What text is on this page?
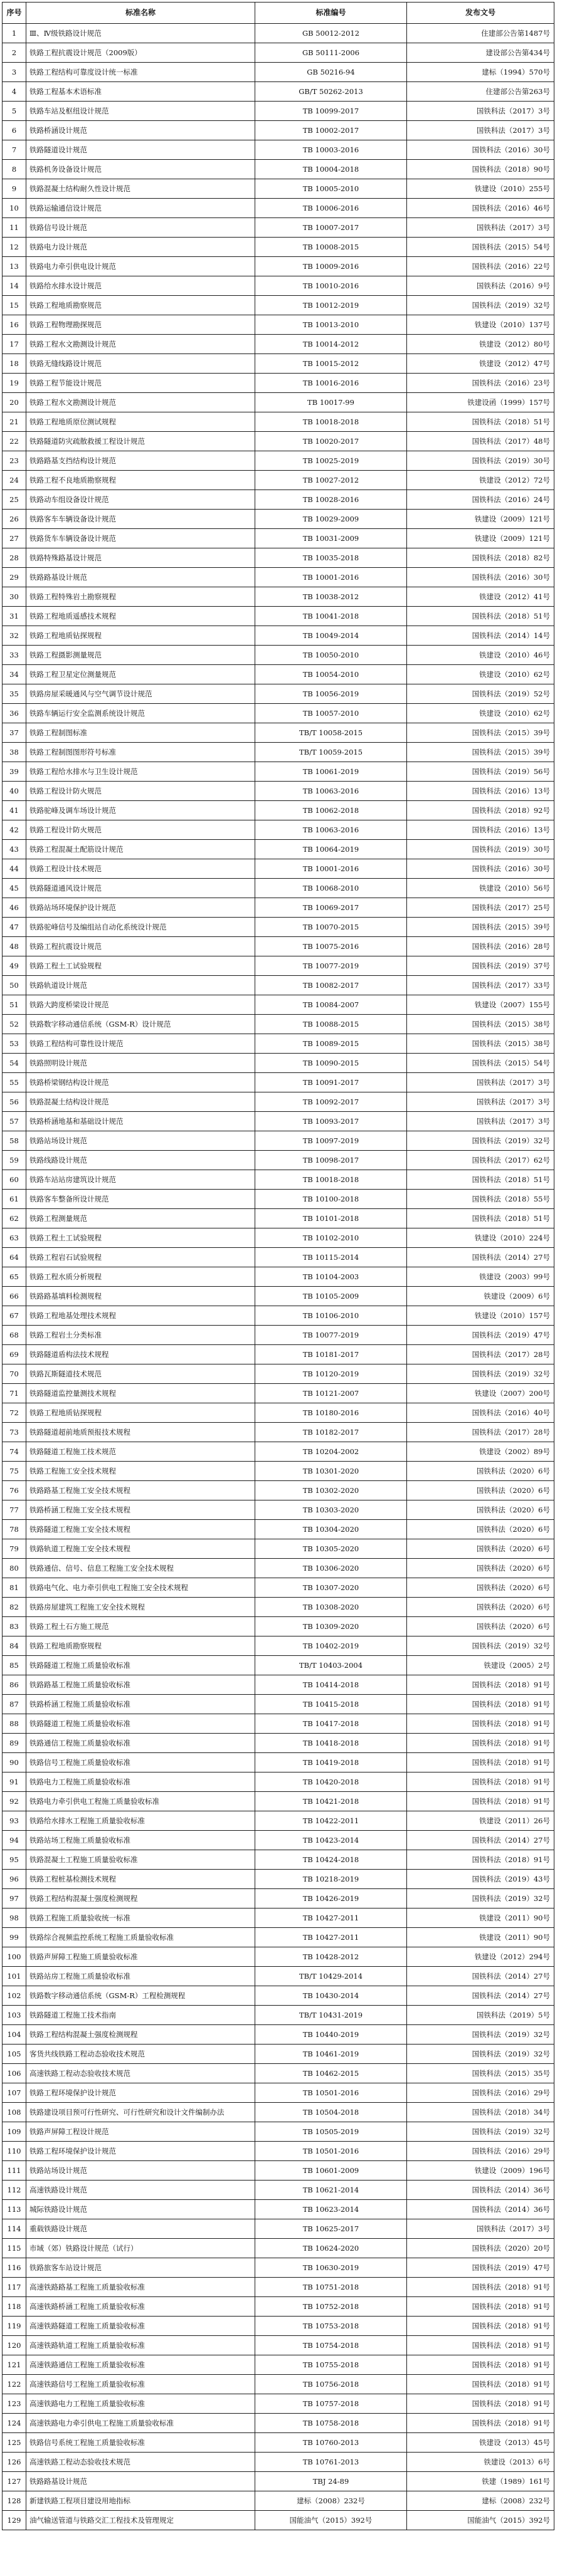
序号	标准名称	标准编号	发布文号
1	Ⅲ、Ⅳ级铁路设计规范	GB 50012-2012	住建部公告第1487号
2	铁路工程抗震设计规范（2009版）	GB 50111-2006	建设部公告第434号
3	铁路工程结构可靠度设计统一标准	GB 50216-94	建标（1994）570号
4	铁路工程基本术语标准	GB/T 50262-2013	住建部公告第263号
5	铁路车站及枢纽设计规范	TB 10099-2017	国铁科法（2017）3号
6	铁路桥涵设计规范	TB 10002-2017	国铁科法（2017）3号
7	铁路隧道设计规范	TB 10003-2016	国铁科法（2016）30号
8	铁路机务设备设计规范	TB 10004-2018	国铁科法（2018）90号
9	铁路混凝土结构耐久性设计规范	TB 10005-2010	铁建设（2010）255号
10	铁路运输通信设计规范	TB 10006-2016	国铁科法（2016）46号
11	铁路信号设计规范	TB 10007-2017	国铁科法（2017）3号
12	铁路电力设计规范	TB 10008-2015	国铁科法（2015）54号
13	铁路电力牵引供电设计规范	TB 10009-2016	国铁科法（2016）22号
14	铁路给水排水设计规范	TB 10010-2016	国铁科法（2016）9号
15	铁路工程地质勘察规范	TB 10012-2019	国铁科法（2019）32号
16	铁路工程物理勘探规范	TB 10013-2010	铁建设（2010）137号
17	铁路工程水文勘测设计规范	TB 10014-2012	铁建设（2012）80号
18	铁路无缝线路设计规范	TB 10015-2012	铁建设（2012）47号
19	铁路工程节能设计规范	TB 10016-2016	国铁科法（2016）23号
20	铁路工程水文勘测设计规范	TB 10017-99	铁建设函（1999）157号
21	铁路工程地质原位测试规程	TB 10018-2018	国铁科法（2018）51号
22	铁路隧道防灾疏散救援工程设计规范	TB 10020-2017	国铁科法（2017）48号
23	铁路路基支挡结构设计规范	TB 10025-2019	国铁科法（2019）30号
24	铁路工程不良地质勘察规程	TB 10027-2012	铁建设（2012）72号
25	铁路动车组设备设计规范	TB 10028-2016	国铁科法（2016）24号
26	铁路客车车辆设备设计规范	TB 10029-2009	铁建设（2009）121号
27	铁路货车车辆设备设计规范	TB 10031-2009	铁建设（2009）121号
28	铁路特殊路基设计规范	TB 10035-2018	国铁科法（2018）82号
29	铁路路基设计规范	TB 10001-2016	国铁科法（2016）30号
30	铁路工程特殊岩土勘察规程	TB 10038-2012	铁建设（2012）41号
31	铁路工程地质遥感技术规程	TB 10041-2018	国铁科法（2018）51号
32	铁路工程地质钻探规程	TB 10049-2014	国铁科法（2014）14号
33	铁路工程摄影测量规范	TB 10050-2010	铁建设（2010）46号
34	铁路工程卫星定位测量规范	TB 10054-2010	铁建设（2010）62号
35	铁路房屋采暖通风与空气调节设计规范	TB 10056-2019	国铁科法（2019）52号
36	铁路车辆运行安全监测系统设计规范	TB 10057-2010	铁建设（2010）62号
37	铁路工程制图标准	TB/T 10058-2015	国铁科法（2015）39号
38	铁路工程制图图形符号标准	TB/T 10059-2015	国铁科法（2015）39号
39	铁路工程给水排水与卫生设计规范	TB 10061-2019	国铁科法（2019）56号
40	铁路工程设计防火规范	TB 10063-2016	国铁科法（2016）13号
41	铁路驼峰及调车场设计规范	TB 10062-2018	国铁科法（2018）92号
42	铁路工程设计防火规范	TB 10063-2016	国铁科法（2016）13号
43	铁路工程混凝土配筋设计规范	TB 10064-2019	国铁科法（2019）30号
44	铁路工程设计技术规范	TB 10001-2016	国铁科法（2016）30号
45	铁路隧道通风设计规范	TB 10068-2010	铁建设（2010）56号
46	铁路站场环境保护设计规范	TB 10069-2017	国铁科法（2017）25号
47	铁路驼峰信号及编组站自动化系统设计规范	TB 10070-2015	国铁科法（2015）39号
48	铁路工程抗震设计规范	TB 10075-2016	国铁科法（2016）28号
49	铁路工程土工试验规程	TB 10077-2019	国铁科法（2019）37号
50	铁路轨道设计规范	TB 10082-2017	国铁科法（2017）33号
51	铁路大跨度桥梁设计规范	TB 10084-2007	铁建设（2007）155号
52	铁路数字移动通信系统（GSM-R）设计规范	TB 10088-2015	国铁科法（2015）38号
53	铁路工程结构可靠性设计规范	TB 10089-2015	国铁科法（2015）38号
54	铁路照明设计规范	TB 10090-2015	国铁科法（2015）54号
55	铁路桥梁钢结构设计规范	TB 10091-2017	国铁科法（2017）3号
56	铁路混凝土结构设计规范	TB 10092-2017	国铁科法（2017）3号
57	铁路桥涵地基和基础设计规范	TB 10093-2017	国铁科法（2017）3号
58	铁路站场设计规范	TB 10097-2019	国铁科法（2019）32号
59	铁路线路设计规范	TB 10098-2017	国铁科法（2017）62号
60	铁路车站站房建筑设计规范	TB 10018-2018	国铁科法（2018）51号
61	铁路客车整备所设计规范	TB 10100-2018	国铁科法（2018）55号
62	铁路工程测量规范	TB 10101-2018	国铁科法（2018）51号
63	铁路工程土工试验规程	TB 10102-2010	铁建设（2010）224号
64	铁路工程岩石试验规程	TB 10115-2014	国铁科法（2014）27号
65	铁路工程水质分析规程	TB 10104-2003	铁建设（2003）99号
66	铁路路基填料检测规程	TB 10105-2009	铁建设（2009）6号
67	铁路工程地基处理技术规程	TB 10106-2010	铁建设（2010）157号
68	铁路工程岩土分类标准	TB 10077-2019	国铁科法（2019）47号
69	铁路隧道盾构法技术规程	TB 10181-2017	国铁科法（2017）28号
70	铁路瓦斯隧道技术规范	TB 10120-2019	国铁科法（2019）32号
71	铁路隧道监控量测技术规程	TB 10121-2007	铁建设（2007）200号
72	铁路工程地质钻探规程	TB 10180-2016	国铁科法（2016）40号
73	铁路隧道超前地质预报技术规程	TB 10182-2017	国铁科法（2017）28号
74	铁路隧道工程施工技术规范	TB 10204-2002	铁建设（2002）89号
75	铁路工程施工安全技术规程	TB 10301-2020	国铁科法（2020）6号
76	铁路路基工程施工安全技术规程	TB 10302-2020	国铁科法（2020）6号
77	铁路桥涵工程施工安全技术规程	TB 10303-2020	国铁科法（2020）6号
78	铁路隧道工程施工安全技术规程	TB 10304-2020	国铁科法（2020）6号
79	铁路轨道工程施工安全技术规程	TB 10305-2020	国铁科法（2020）6号
80	铁路通信、信号、信息工程施工安全技术规程	TB 10306-2020	国铁科法（2020）6号
81	铁路电气化、电力牵引供电工程施工安全技术规程	TB 10307-2020	国铁科法（2020）6号
82	铁路房屋建筑工程施工安全技术规程	TB 10308-2020	国铁科法（2020）6号
83	铁路工程土石方施工规范	TB 10309-2020	国铁科法（2020）6号
84	铁路工程地质勘察规程	TB 10402-2019	国铁科法（2019）32号
85	铁路隧道工程施工质量验收标准	TB/T 10403-2004	铁建设（2005）2号
86	铁路路基工程施工质量验收标准	TB 10414-2018	国铁科法（2018）91号
87	铁路桥涵工程施工质量验收标准	TB 10415-2018	国铁科法（2018）91号
88	铁路隧道工程施工质量验收标准	TB 10417-2018	国铁科法（2018）91号
89	铁路通信工程施工质量验收标准	TB 10418-2018	国铁科法（2018）91号
90	铁路信号工程施工质量验收标准	TB 10419-2018	国铁科法（2018）91号
91	铁路电力工程施工质量验收标准	TB 10420-2018	国铁科法（2018）91号
92	铁路电力牵引供电工程施工质量验收标准	TB 10421-2018	国铁科法（2018）91号
93	铁路给水排水工程施工质量验收标准	TB 10422-2011	铁建设（2011）26号
94	铁路站场工程施工质量验收标准	TB 10423-2014	国铁科法（2014）27号
95	铁路混凝土工程施工质量验收标准	TB 10424-2018	国铁科法（2018）91号
96	铁路工程桩基检测技术规程	TB 10218-2019	国铁科法（2019）43号
97	铁路工程结构混凝土强度检测规程	TB 10426-2019	国铁科法（2019）32号
98	铁路工程施工质量验收统一标准	TB 10427-2011	铁建设（2011）90号
99	铁路综合视频监控系统工程施工质量验收标准	TB 10427-2011	铁建设（2011）90号
100	铁路声屏障工程施工质量验收标准	TB 10428-2012	铁建设（2012）294号
101	铁路站房工程施工质量验收标准	TB/T 10429-2014	国铁科法（2014）27号
102	铁路数字移动通信系统（GSM-R）工程检测规程	TB 10430-2014	国铁科法（2014）27号
103	铁路隧道工程施工技术指南	TB/T 10431-2019	国铁科法（2019）5号
104	铁路工程结构混凝土强度检测规程	TB 10440-2019	国铁科法（2019）32号
105	客货共线铁路工程动态验收技术规范	TB 10461-2019	国铁科法（2019）32号
106	高速铁路工程动态验收技术规范	TB 10462-2015	国铁科法（2015）35号
107	铁路工程环境保护设计规范	TB 10501-2016	国铁科法（2016）29号
108	铁路建设项目预可行性研究、可行性研究和设计文件编制办法	TB 10504-2018	国铁科法（2018）34号
109	铁路声屏障工程设计规范	TB 10505-2019	国铁科法（2019）32号
110	铁路工程环境保护设计规范	TB 10501-2016	国铁科法（2016）29号
111	铁路站场设计规范	TB 10601-2009	铁建设（2009）196号
112	高速铁路设计规范	TB 10621-2014	国铁科法（2014）36号
113	城际铁路设计规范	TB 10623-2014	国铁科法（2014）36号
114	重载铁路设计规范	TB 10625-2017	国铁科法（2017）3号
115	市域（郊）铁路设计规范（试行）	TB 10624-2020	国铁科法（2020）20号
116	铁路旅客车站设计规范	TB 10630-2019	国铁科法（2019）47号
117	高速铁路路基工程施工质量验收标准	TB 10751-2018	国铁科法（2018）91号
118	高速铁路桥涵工程施工质量验收标准	TB 10752-2018	国铁科法（2018）91号
119	高速铁路隧道工程施工质量验收标准	TB 10753-2018	国铁科法（2018）91号
120	高速铁路轨道工程施工质量验收标准	TB 10754-2018	国铁科法（2018）91号
121	高速铁路通信工程施工质量验收标准	TB 10755-2018	国铁科法（2018）91号
122	高速铁路信号工程施工质量验收标准	TB 10756-2018	国铁科法（2018）91号
123	高速铁路电力工程施工质量验收标准	TB 10757-2018	国铁科法（2018）91号
124	高速铁路电力牵引供电工程施工质量验收标准	TB 10758-2018	国铁科法（2018）91号
125	铁路信号系统工程施工质量验收标准	TB 10760-2013	铁建设（2013）45号
126	高速铁路工程动态验收技术规范	TB 10761-2013	铁建设（2013）6号
127	铁路路基设计规范	TBJ 24-89	铁建（1989）161号
128	新建铁路工程项目建设用地指标	建标（2008）232号	建标（2008）232号
129	油气输送管道与铁路交汇工程技术及管理规定	国能油气（2015）392号	国能油气（2015）392号
